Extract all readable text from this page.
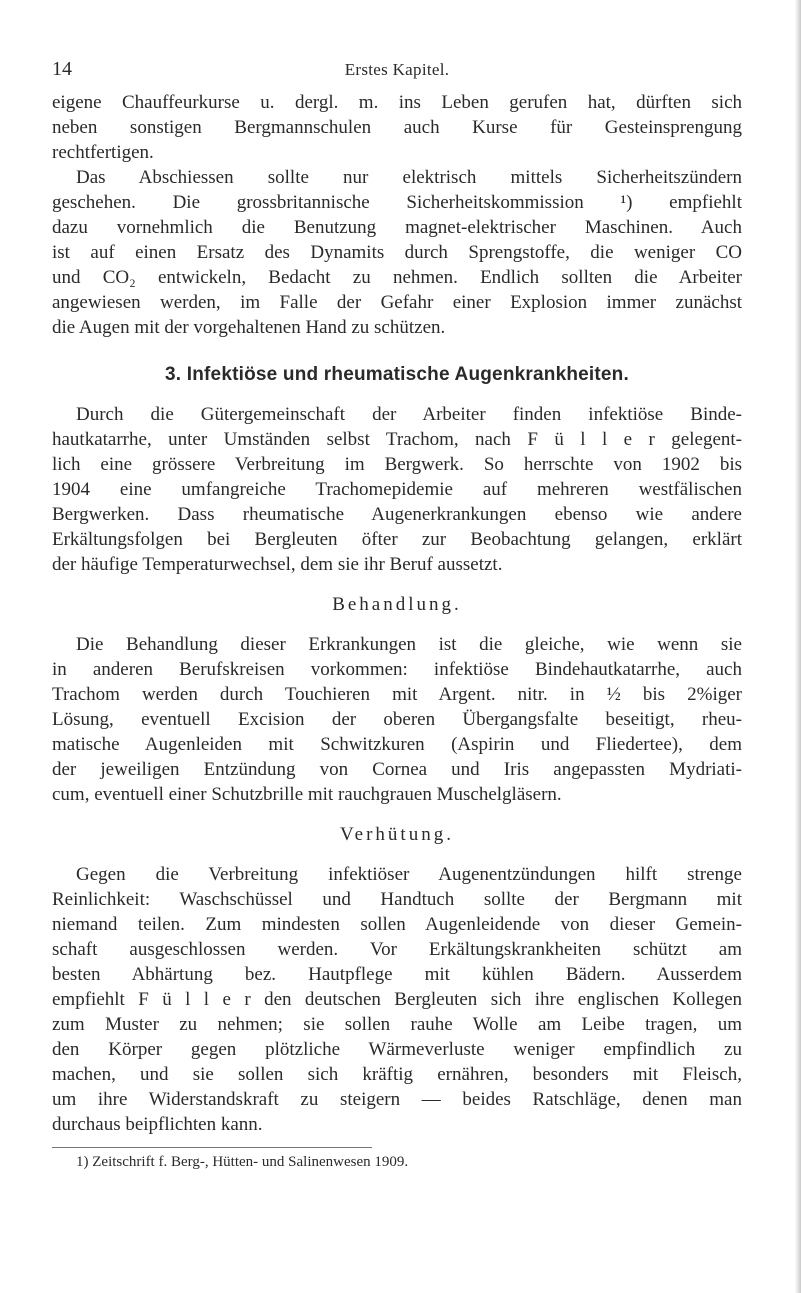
14	Erstes Kapitel.
eigene Chauffeurkurse u. dergl. m. ins Leben gerufen hat, dürften sich
neben sonstigen Bergmannschulen auch Kurse für Gesteinsprengung
rechtfertigen.
Das Abschiessen sollte nur elektrisch mittels Sicherheitszündern
geschehen. Die grossbritannische Sicherheitskommission ¹) empfiehlt
dazu vornehmlich die Benutzung magnet-elektrischer Maschinen. Auch
ist auf einen Ersatz des Dynamits durch Sprengstoffe, die weniger CO
und CO₂ entwickeln, Bedacht zu nehmen. Endlich sollten die Arbeiter
angewiesen werden, im Falle der Gefahr einer Explosion immer zunächst
die Augen mit der vorgehaltenen Hand zu schützen.
3. Infektiöse und rheumatische Augenkrankheiten.
Durch die Gütergemeinschaft der Arbeiter finden infektiöse Binde-
hautkatarrhe, unter Umständen selbst Trachom, nach F ü l l e r gelegent-
lich eine grössere Verbreitung im Bergwerk. So herrschte von 1902 bis
1904 eine umfangreiche Trachomepidemie auf mehreren westfälischen
Bergwerken. Dass rheumatische Augenerkrankungen ebenso wie andere
Erkältungsfolgen bei Bergleuten öfter zur Beobachtung gelangen, erklärt
der häufige Temperaturwechsel, dem sie ihr Beruf aussetzt.
Behandlung.
Die Behandlung dieser Erkrankungen ist die gleiche, wie wenn sie
in anderen Berufskreisen vorkommen: infektiöse Bindehautkatarrhe, auch
Trachom werden durch Touchieren mit Argent. nitr. in ½ bis 2%iger
Lösung, eventuell Excision der oberen Übergangsfalte beseitigt, rheu-
matische Augenleiden mit Schwitzkuren (Aspirin und Fliedertee), dem
der jeweiligen Entzündung von Cornea und Iris angepassten Mydriati-
cum, eventuell einer Schutzbrille mit rauchgrauen Muschelgläsern.
Verhütung.
Gegen die Verbreitung infektiöser Augenentzündungen hilft strenge
Reinlichkeit: Waschschüssel und Handtuch sollte der Bergmann mit
niemand teilen. Zum mindesten sollen Augenleidende von dieser Gemein-
schaft ausgeschlossen werden. Vor Erkältungskrankheiten schützt am
besten Abhärtung bez. Hautpflege mit kühlen Bädern. Ausserdem
empfiehlt F ü l l e r den deutschen Bergleuten sich ihre englischen Kollegen
zum Muster zu nehmen; sie sollen rauhe Wolle am Leibe tragen, um
den Körper gegen plötzliche Wärmeverluste weniger empfindlich zu
machen, und sie sollen sich kräftig ernähren, besonders mit Fleisch,
um ihre Widerstandskraft zu steigern — beides Ratschläge, denen man
durchaus beipflichten kann.
1) Zeitschrift f. Berg-, Hütten- und Salinenwesen 1909.
